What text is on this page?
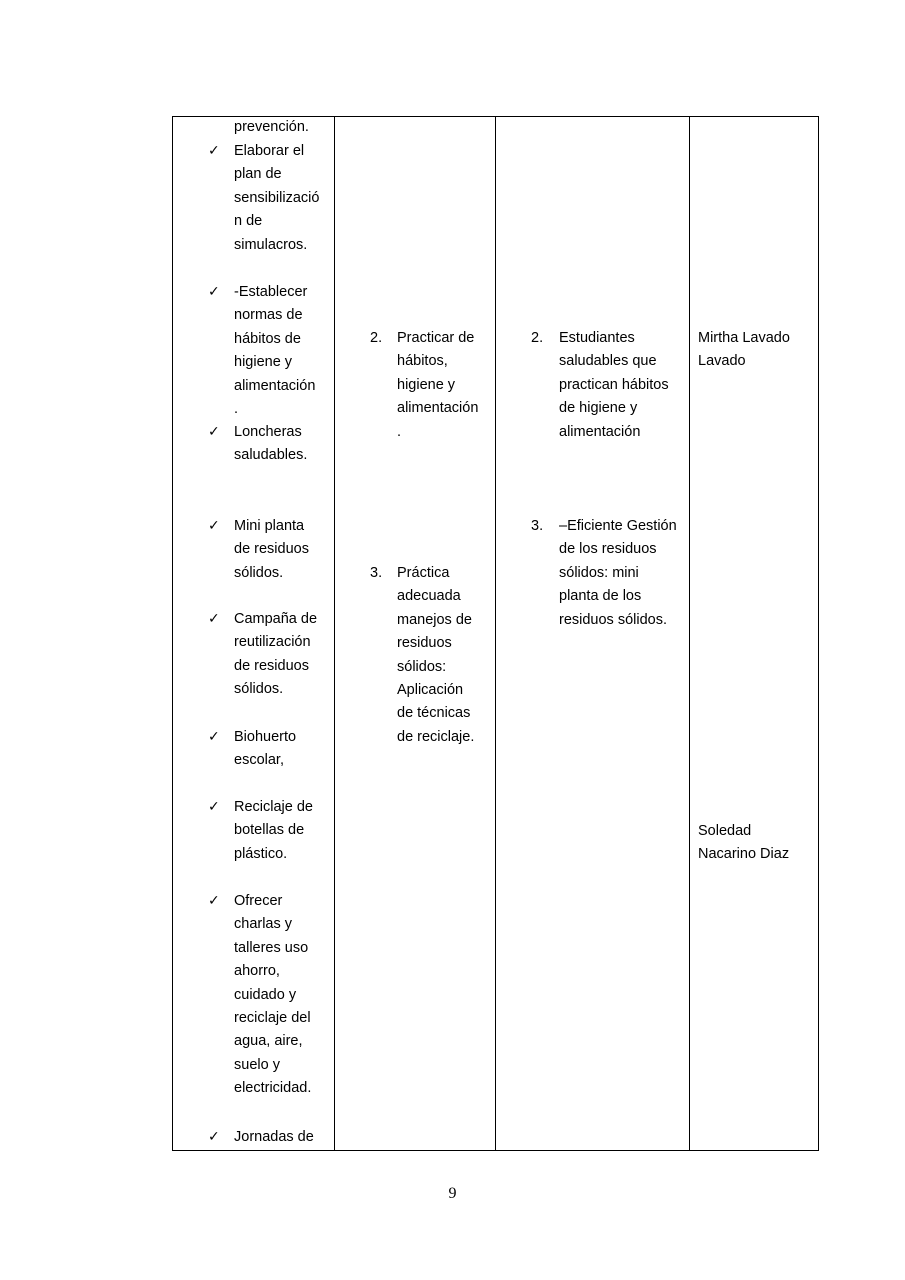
prevención.
✓ Elaborar el
plan de
sensibilizació
n de
simulacros.
✓ -Establecer
normas de
hábitos de
higiene y
alimentación
.
✓ Loncheras
saludables.
✓ Mini planta
de residuos
sólidos.
✓ Campaña de
reutilización
de residuos
sólidos.
✓ Biohuerto
escolar,
✓ Reciclaje de
botellas de
plástico.
✓ Ofrecer
charlas y
talleres uso
ahorro,
cuidado y
reciclaje del
agua, aire,
suelo y
electricidad.
✓ Jornadas de
2. Practicar de
hábitos,
higiene y
alimentación
.
3. Práctica
adecuada
manejos de
residuos
sólidos:
Aplicación
de técnicas
de reciclaje.
2. Estudiantes
saludables que
practican hábitos
de higiene y
alimentación
3. –Eficiente Gestión
de los residuos
sólidos: mini
planta de los
residuos sólidos.
Mirtha Lavado
Lavado
Soledad
Nacarino Diaz
9
